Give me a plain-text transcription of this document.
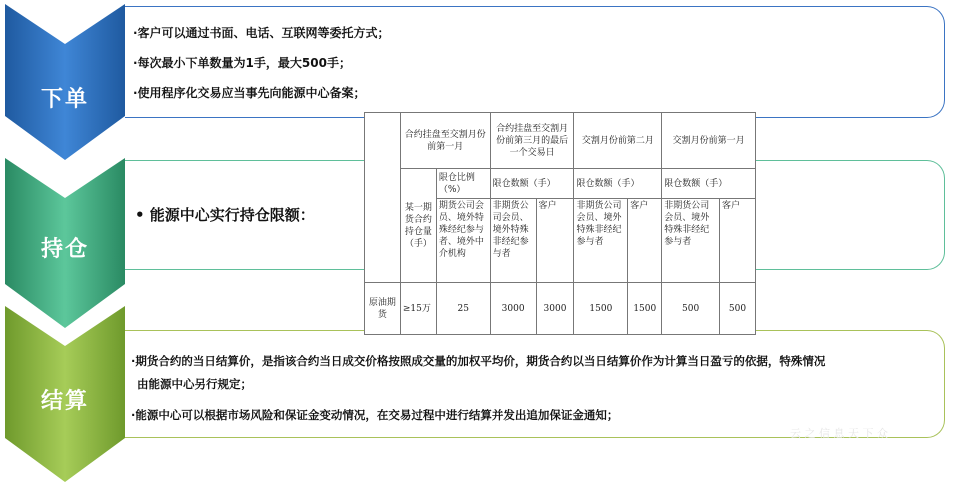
下单
持仓
结算
·客户可以通过书面、电话、互联网等委托方式；
·每次最小下单数量为1手，最大500手；
·使用程序化交易应当事先向能源中心备案；
• 能源中心实行持仓限额：
·期货合约的当日结算价，是指该合约当日成交价格按照成交量的加权平均价，期货合约以当日结算价作为计算当日盈亏的依据，特殊情况
由能源中心另行规定；
·能源中心可以根据市场风险和保证金变动情况，在交易过程中进行结算并发出追加保证金通知；
	合约挂盘至交割月份前第一月		合约挂盘至交割月份前第三月的最后一个交易日		交割月份前第二月		交割月份前第一月	
	某一期货合约持仓量（手）	限仓比例（%）	限仓数额（手）		限仓数额（手）		限仓数额（手）	
		期货公司会员、境外特殊经纪参与者、境外中介机构	非期货公司会员、境外特殊非经纪参与者	客户	非期货公司会员、境外特殊非经纪参与者	客户	非期货公司会员、境外特殊非经纪参与者	客户
原油期货	≥15万	25	3000	3000	1500	1500	500	500
云 之 信 息 天 下 众
